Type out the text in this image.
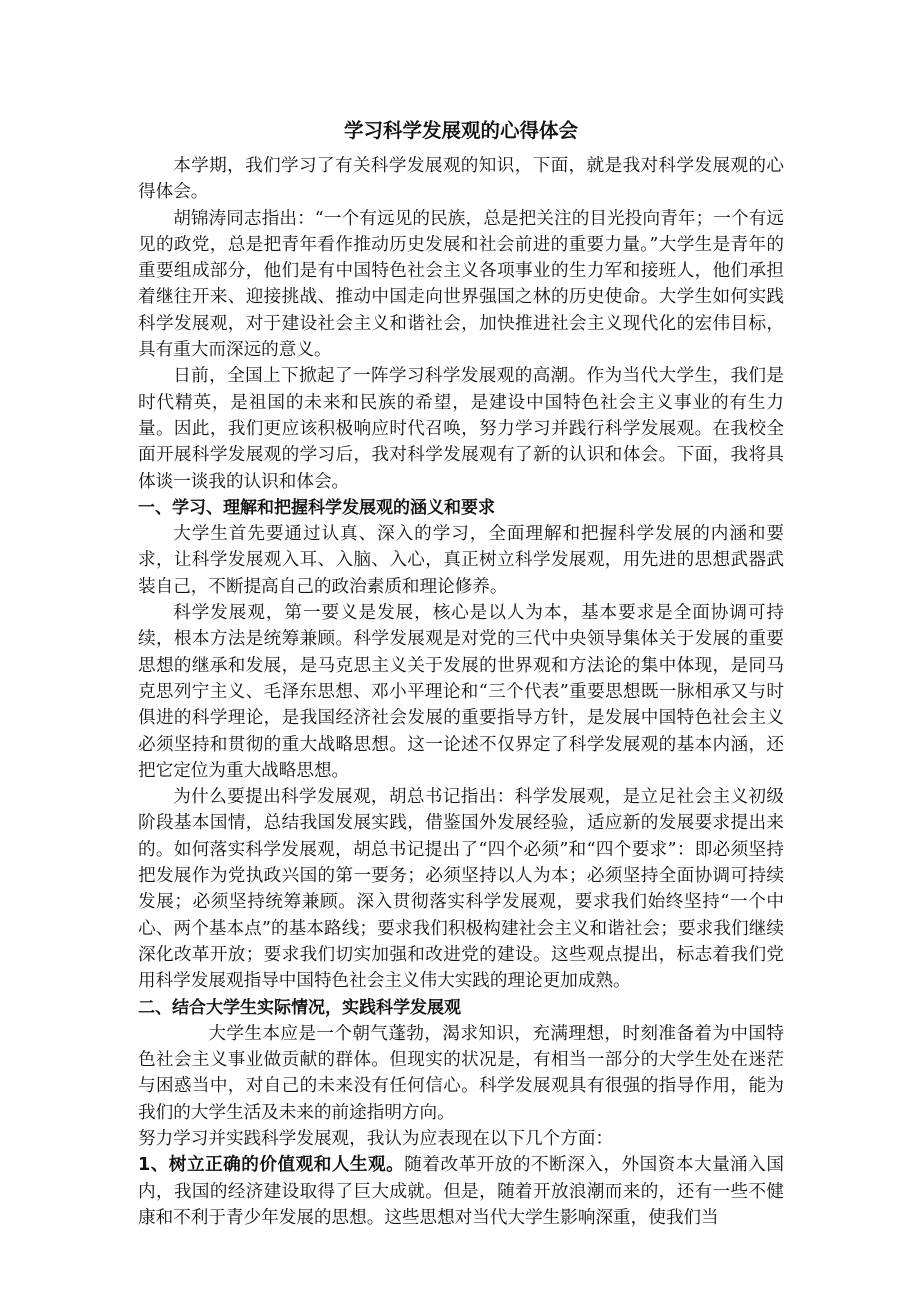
学习科学发展观的心得体会

本学期，我们学习了有关科学发展观的知识，下面，就是我对科学发展观的心得体会。

胡锦涛同志指出：“一个有远见的民族，总是把关注的目光投向青年；一个有远见的政党，总是把青年看作推动历史发展和社会前进的重要力量。”大学生是青年的重要组成部分，他们是有中国特色社会主义各项事业的生力军和接班人，他们承担着继往开来、迎接挑战、推动中国走向世界强国之林的历史使命。大学生如何实践科学发展观，对于建设社会主义和谐社会，加快推进社会主义现代化的宏伟目标，具有重大而深远的意义。

日前，全国上下掀起了一阵学习科学发展观的高潮。作为当代大学生，我们是时代精英，是祖国的未来和民族的希望，是建设中国特色社会主义事业的有生力量。因此，我们更应该积极响应时代召唤，努力学习并践行科学发展观。在我校全面开展科学发展观的学习后，我对科学发展观有了新的认识和体会。下面，我将具体谈一谈我的认识和体会。

一、学习、理解和把握科学发展观的涵义和要求

大学生首先要通过认真、深入的学习，全面理解和把握科学发展的内涵和要求，让科学发展观入耳、入脑、入心，真正树立科学发展观，用先进的思想武器武装自己，不断提高自己的政治素质和理论修养。

科学发展观，第一要义是发展，核心是以人为本，基本要求是全面协调可持续，根本方法是统筹兼顾。科学发展观是对党的三代中央领导集体关于发展的重要思想的继承和发展，是马克思主义关于发展的世界观和方法论的集中体现，是同马克思列宁主义、毛泽东思想、邓小平理论和“三个代表”重要思想既一脉相承又与时俱进的科学理论，是我国经济社会发展的重要指导方针，是发展中国特色社会主义必须坚持和贯彻的重大战略思想。这一论述不仅界定了科学发展观的基本内涵，还把它定位为重大战略思想。

为什么要提出科学发展观，胡总书记指出：科学发展观，是立足社会主义初级阶段基本国情，总结我国发展实践，借鉴国外发展经验，适应新的发展要求提出来的。如何落实科学发展观，胡总书记提出了“四个必须”和“四个要求”：即必须坚持把发展作为党执政兴国的第一要务；必须坚持以人为本；必须坚持全面协调可持续发展；必须坚持统筹兼顾。深入贯彻落实科学发展观，要求我们始终坚持“一个中心、两个基本点”的基本路线；要求我们积极构建社会主义和谐社会；要求我们继续深化改革开放；要求我们切实加强和改进党的建设。这些观点提出，标志着我们党用科学发展观指导中国特色社会主义伟大实践的理论更加成熟。

二、结合大学生实际情况，实践科学发展观

大学生本应是一个朝气蓬勃，渴求知识，充满理想，时刻准备着为中国特色社会主义事业做贡献的群体。但现实的状况是，有相当一部分的大学生处在迷茫与困惑当中，对自己的未来没有任何信心。科学发展观具有很强的指导作用，能为我们的大学生活及未来的前途指明方向。

努力学习并实践科学发展观，我认为应表现在以下几个方面：

1、树立正确的价值观和人生观。随着改革开放的不断深入，外国资本大量涌入国内，我国的经济建设取得了巨大成就。但是，随着开放浪潮而来的，还有一些不健康和不利于青少年发展的思想。这些思想对当代大学生影响深重，使我们当
